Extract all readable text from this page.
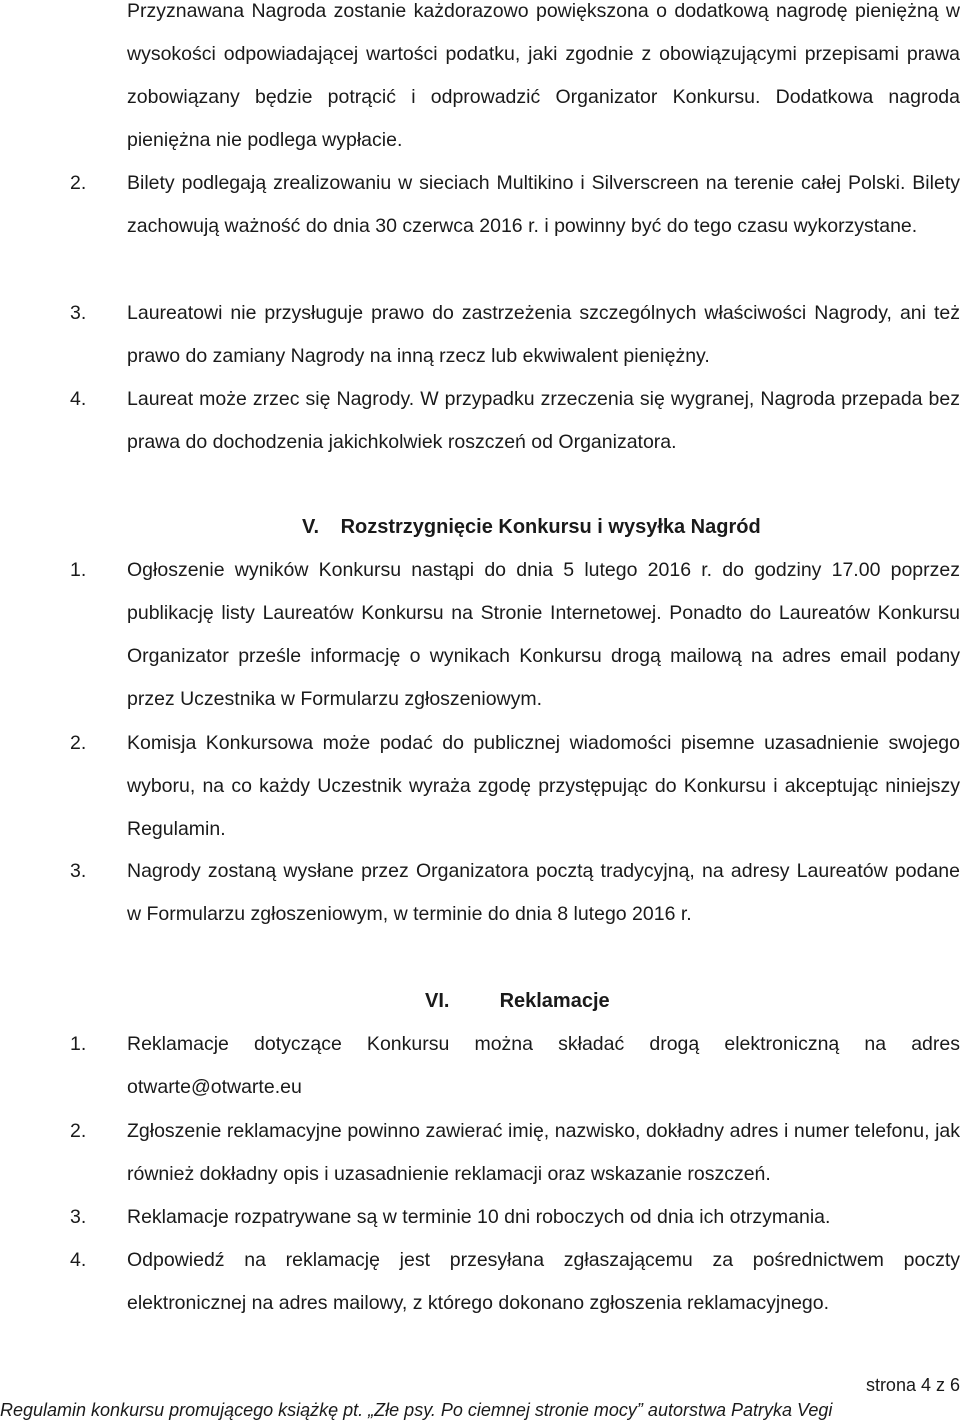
Przyznawana Nagroda zostanie każdorazowo powiększona o dodatkową nagrodę pieniężną w wysokości odpowiadającej wartości podatku, jaki zgodnie z obowiązującymi przepisami prawa zobowiązany będzie potrącić i odprowadzić Organizator Konkursu. Dodatkowa nagroda pieniężna nie podlega wypłacie.
2.	Bilety podlegają zrealizowaniu w sieciach Multikino i Silverscreen na terenie całej Polski. Bilety zachowują ważność do dnia 30 czerwca 2016 r. i powinny być do tego czasu wykorzystane.
3.	Laureatowi nie przysługuje prawo do zastrzeżenia szczególnych właściwości Nagrody, ani też prawo do zamiany Nagrody na inną rzecz lub ekwiwalent pieniężny.
4.	Laureat może zrzec się Nagrody. W przypadku zrzeczenia się wygranej, Nagroda przepada bez prawa do dochodzenia jakichkolwiek roszczeń od Organizatora.
V. Rozstrzygnięcie Konkursu i wysyłka Nagród
1.	Ogłoszenie wyników Konkursu nastąpi do dnia 5 lutego 2016 r. do godziny 17.00 poprzez publikację listy Laureatów Konkursu na Stronie Internetowej. Ponadto do Laureatów Konkursu Organizator prześle informację o wynikach Konkursu drogą mailową na adres email podany przez Uczestnika w Formularzu zgłoszeniowym.
2.	Komisja Konkursowa może podać do publicznej wiadomości pisemne uzasadnienie swojego wyboru, na co każdy Uczestnik wyraża zgodę przystępując do Konkursu i akceptując niniejszy Regulamin.
3.	Nagrody zostaną wysłane przez Organizatora pocztą tradycyjną, na adresy Laureatów podane w Formularzu zgłoszeniowym, w terminie do dnia 8 lutego 2016 r.
VI.	Reklamacje
1.	Reklamacje dotyczące Konkursu można składać drogą elektroniczną na adres otwarte@otwarte.eu
2.	Zgłoszenie reklamacyjne powinno zawierać imię, nazwisko, dokładny adres i numer telefonu, jak również dokładny opis i uzasadnienie reklamacji oraz wskazanie roszczeń.
3.	Reklamacje rozpatrywane są w terminie 10 dni roboczych od dnia ich otrzymania.
4.	Odpowiedź na reklamację jest przesyłana zgłaszającemu za pośrednictwem poczty elektronicznej na adres mailowy, z którego dokonano zgłoszenia reklamacyjnego.
strona 4 z 6
Regulamin konkursu promującego książkę pt. „Złe psy. Po ciemnej stronie mocy” autorstwa Patryka Vegi
